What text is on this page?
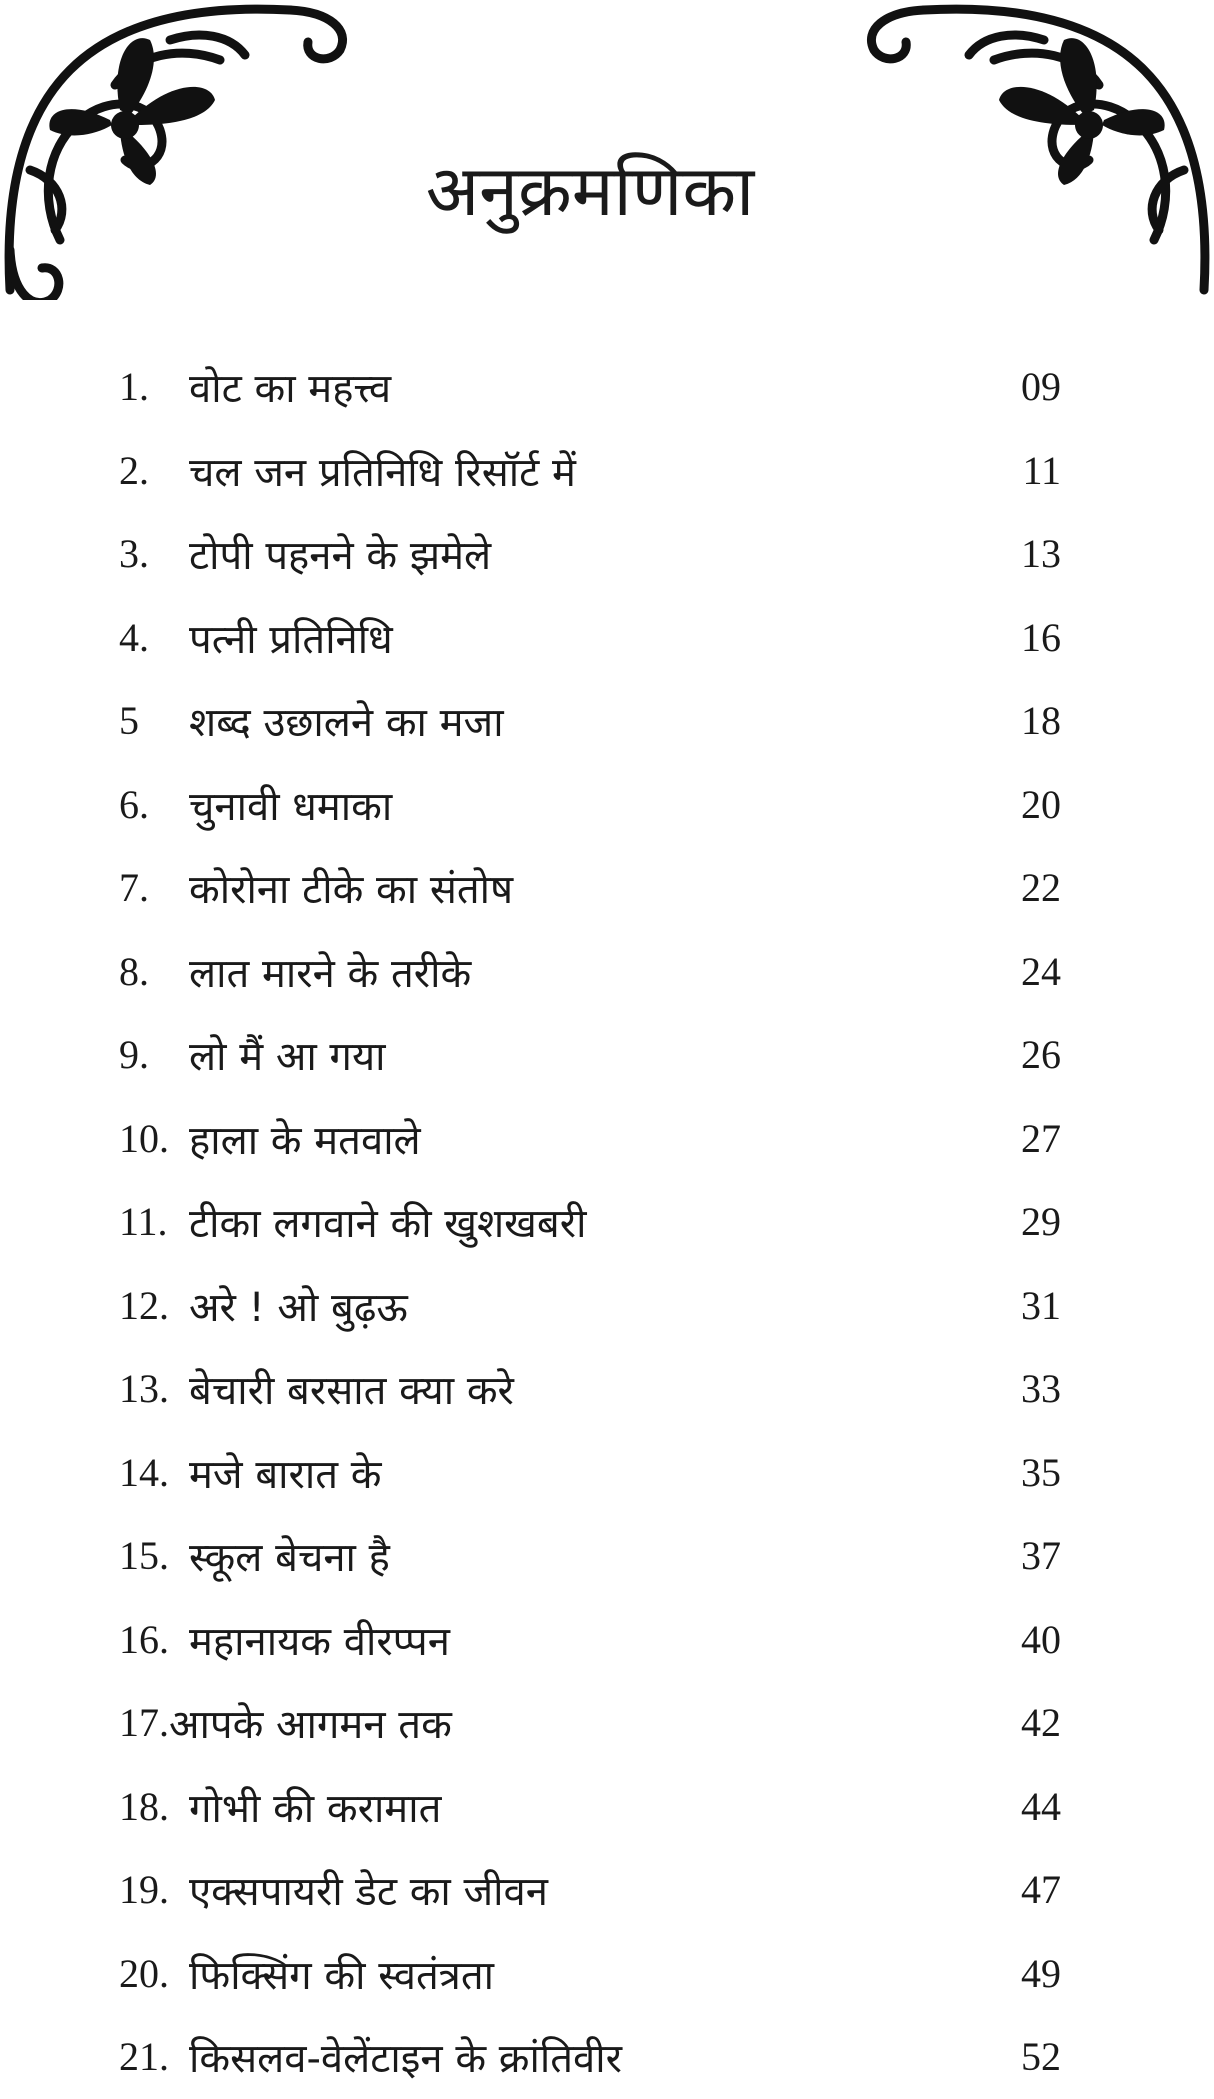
अनुक्रमणिका
1.	वोट का महत्त्व	09
2.	चल जन प्रतिनिधि रिसॉर्ट में	11
3.	टोपी पहनने के झमेले	13
4.	पत्नी प्रतिनिधि	16
5	शब्द उछालने का मजा	18
6.	चुनावी धमाका	20
7.	कोरोना टीके का संतोष	22
8.	लात मारने के तरीके	24
9.	लो मैं आ गया	26
10. हाला के मतवाले	27
11. टीका लगवाने की खुशखबरी	29
12. अरे ! ओ बुढ़ऊ	31
13. बेचारी बरसात क्या करे	33
14. मजे बारात के	35
15. स्कूल बेचना है	37
16. महानायक वीरप्पन	40
17. आपके आगमन तक	42
18. गोभी की करामात	44
19. एक्सपायरी डेट का जीवन	47
20. फिक्सिंग की स्वतंत्रता	49
21. किसलव-वेलेंटाइन के क्रांतिवीर	52
